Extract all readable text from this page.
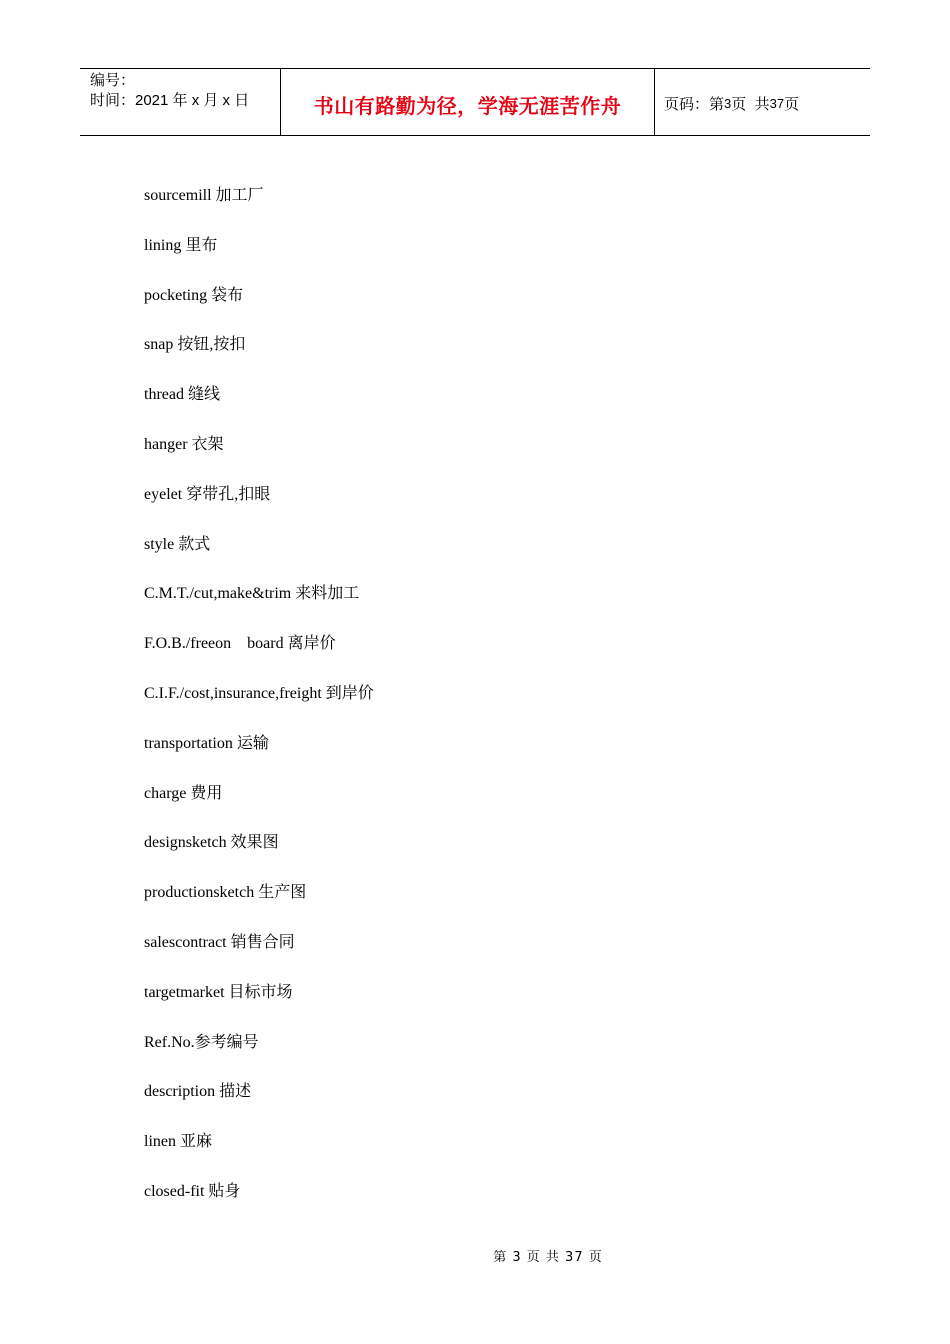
编号：
时间：2021 年 x 月 x 日	书山有路勤为径，学海无涯苦作舟	页码：第 3 页  共 37 页
sourcemill 加工厂
lining 里布
pocketing 袋布
snap 按钮,按扣
thread 缝线
hanger 衣架
eyelet 穿带孔,扣眼
style 款式
C.M.T./cut,make&trim 来料加工
F.O.B./freeon    board 离岸价
C.I.F./cost,insurance,freight 到岸价
transportation 运输
charge 费用
designsketch 效果图
productionsketch 生产图
salescontract 销售合同
targetmarket 目标市场
Ref.No.参考编号
description 描述
linen 亚麻
closed-fit 贴身
第 3 页 共 37 页
